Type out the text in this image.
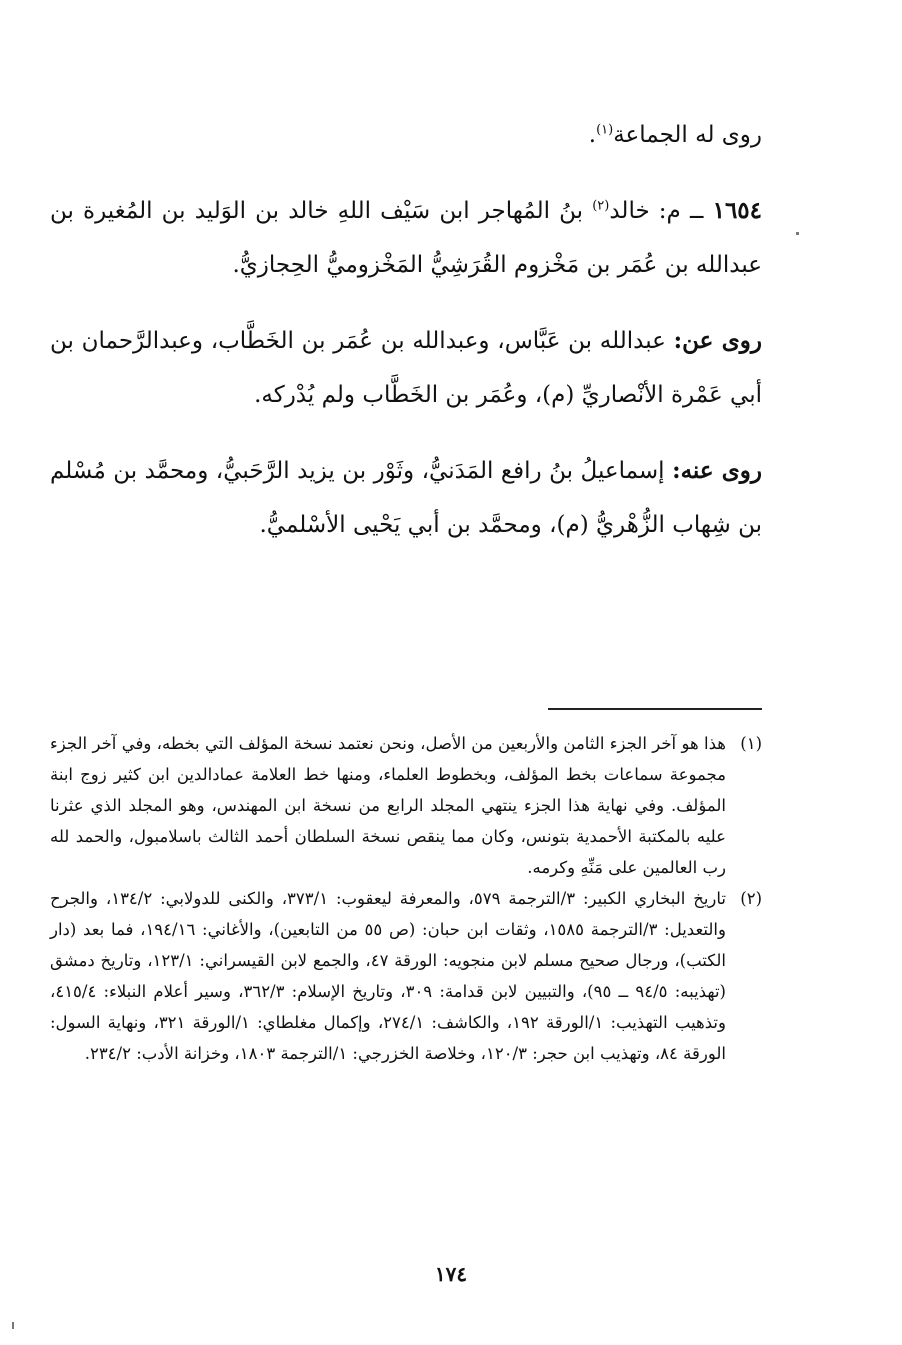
روى له الجماعة$^{(١)}$.

١٦٥٤ ــ م: خالد$^{(٢)}$ بنُ المُهاجر ابن سَيْف اللهِ خالد بن الوَليد بن المُغيرة بن عبدالله بن عُمَر بن مَخْزوم القُرَشِيُّ المَخْزوميُّ الحِجازيُّ.

روى عن: عبدالله بن عَبَّاس، وعبدالله بن عُمَر بن الخَطَّاب، وعبدالرَّحمان بن أبي عَمْرة الأنْصاريِّ (م)، وعُمَر بن الخَطَّاب ولم يُدْركه.

روى عنه: إسماعيلُ بنُ رافع المَدَنيُّ، وثَوْر بن يزيد الرَّحَبيُّ، ومحمَّد بن مُسْلم بن شِهاب الزُّهْريُّ (م)، ومحمَّد بن أبي يَحْيى الأسْلميُّ.

(١)
هذا هو آخر الجزء الثامن والأربعين من الأصل، ونحن نعتمد نسخة المؤلف التي بخطه، وفي آخر الجزء مجموعة سماعات بخط المؤلف، وبخطوط العلماء، ومنها خط العلامة عمادالدين ابن كثير زوج ابنة المؤلف. وفي نهاية هذا الجزء ينتهي المجلد الرابع من نسخة ابن المهندس، وهو المجلد الذي عثرنا عليه بالمكتبة الأحمدية بتونس، وكان مما ينقص نسخة السلطان أحمد الثالث باسلامبول، والحمد لله رب العالمين على مَنِّهِ وكرمه.
(٢)
تاريخ البخاري الكبير: ٣/الترجمة ٥٧٩، والمعرفة ليعقوب: ٣٧٣/١، والكنى للدولابي: ١٣٤/٢، والجرح والتعديل: ٣/الترجمة ١٥٨٥، وثقات ابن حبان: (ص ٥٥ من التابعين)، والأغاني: ١٩٤/١٦، فما بعد (دار الكتب)، ورجال صحيح مسلم لابن منجويه: الورقة ٤٧، والجمع لابن القيسراني: ١٢٣/١، وتاريخ دمشق (تهذيبه: ٩٤/٥ ــ ٩٥)، والتبيين لابن قدامة: ٣٠٩، وتاريخ الإسلام: ٣٦٢/٣، وسير أعلام النبلاء: ٤١٥/٤، وتذهيب التهذيب: ١/الورقة ١٩٢، والكاشف: ٢٧٤/١، وإكمال مغلطاي: ١/الورقة ٣٢١، ونهاية السول: الورقة ٨٤، وتهذيب ابن حجر: ١٢٠/٣، وخلاصة الخزرجي: ١/الترجمة ١٨٠٣، وخزانة الأدب: ٢٣٤/٢.
١٧٤
